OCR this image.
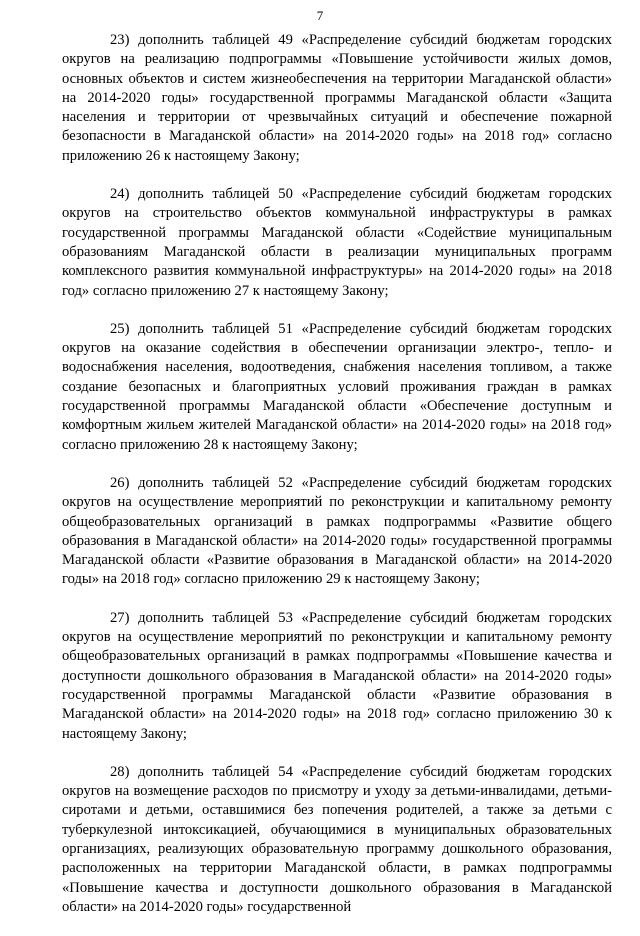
7

23) дополнить таблицей 49 «Распределение субсидий бюджетам городских округов на реализацию подпрограммы «Повышение устойчивости жилых домов, основных объектов и систем жизнеобеспечения на территории Магаданской области» на 2014-2020 годы» государственной программы Магаданской области «Защита населения и территории от чрезвычайных ситуаций и обеспечение пожарной безопасности в Магаданской области» на 2014-2020 годы» на 2018 год» согласно приложению 26 к настоящему Закону;

24) дополнить таблицей 50 «Распределение субсидий бюджетам городских округов на строительство объектов коммунальной инфраструктуры в рамках государственной программы Магаданской области «Содействие муниципальным образованиям Магаданской области в реализации муниципальных программ комплексного развития коммунальной инфраструктуры» на 2014-2020 годы» на 2018 год» согласно приложению 27 к настоящему Закону;

25) дополнить таблицей 51 «Распределение субсидий бюджетам городских округов на оказание содействия в обеспечении организации электро-, тепло- и водоснабжения населения, водоотведения, снабжения населения топливом, а также создание безопасных и благоприятных условий проживания граждан в рамках государственной программы Магаданской области «Обеспечение доступным и комфортным жильем жителей Магаданской области» на 2014-2020 годы» на 2018 год» согласно приложению 28 к настоящему Закону;

26) дополнить таблицей 52 «Распределение субсидий бюджетам городских округов на осуществление мероприятий по реконструкции и капитальному ремонту общеобразовательных организаций в рамках подпрограммы «Развитие общего образования в Магаданской области» на 2014-2020 годы» государственной программы Магаданской области «Развитие образования в Магаданской области» на 2014-2020 годы» на 2018 год» согласно приложению 29 к настоящему Закону;

27) дополнить таблицей 53 «Распределение субсидий бюджетам городских округов на осуществление мероприятий по реконструкции и капитальному ремонту общеобразовательных организаций в рамках подпрограммы «Повышение качества и доступности дошкольного образования в Магаданской области» на 2014-2020 годы» государственной программы Магаданской области «Развитие образования в Магаданской области» на 2014-2020 годы» на 2018 год» согласно приложению 30 к настоящему Закону;

28) дополнить таблицей 54 «Распределение субсидий бюджетам городских округов на возмещение расходов по присмотру и уходу за детьми-инвалидами, детьми-сиротами и детьми, оставшимися без попечения родителей, а также за детьми с туберкулезной интоксикацией, обучающимися в муниципальных образовательных организациях, реализующих образовательную программу дошкольного образования, расположенных на территории Магаданской области, в рамках подпрограммы «Повышение качества и доступности дошкольного образования в Магаданской области» на 2014-2020 годы» государственной
